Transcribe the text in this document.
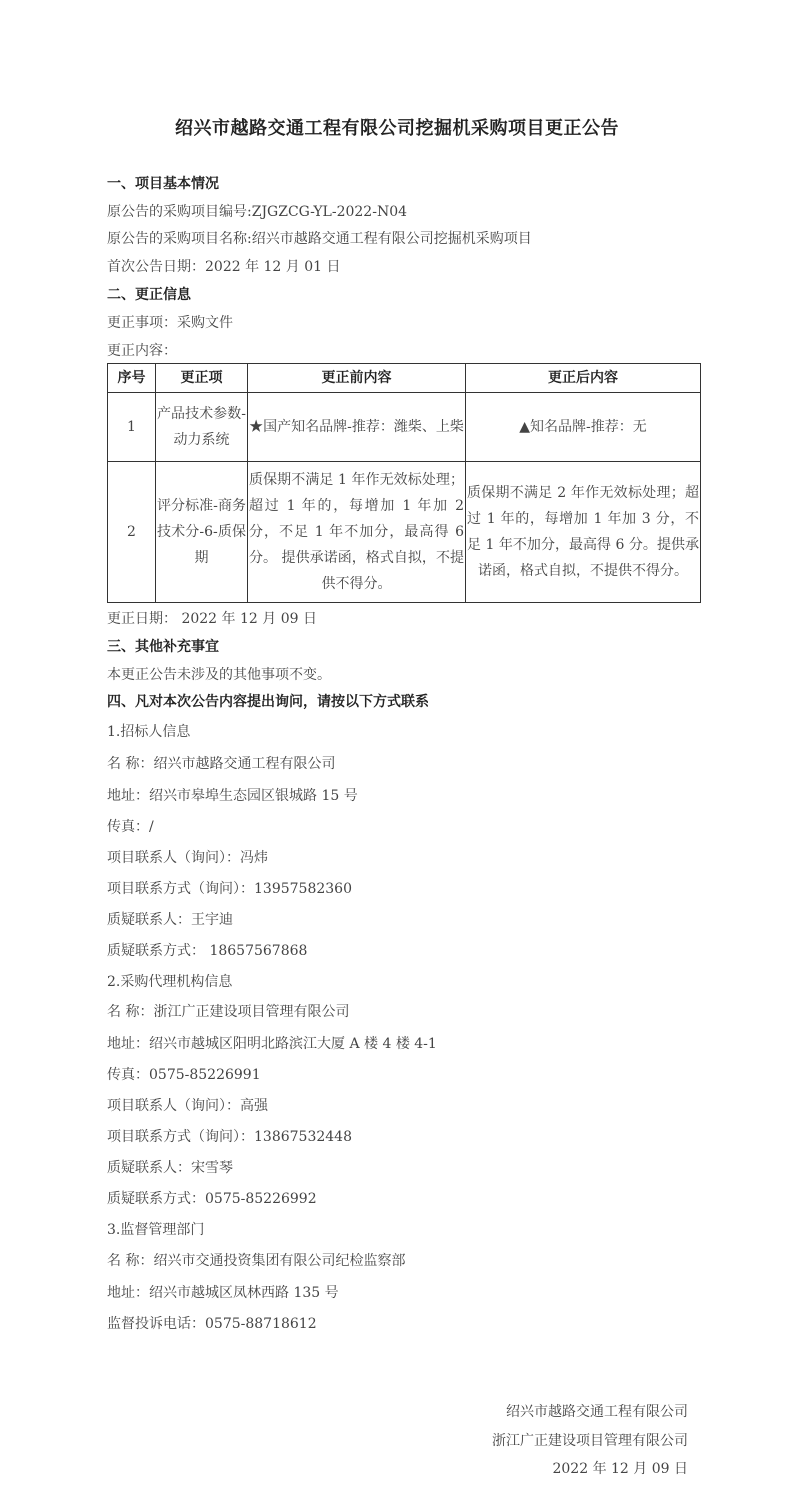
绍兴市越路交通工程有限公司挖掘机采购项目更正公告
一、项目基本情况
原公告的采购项目编号:ZJGZCG-YL-2022-N04
原公告的采购项目名称:绍兴市越路交通工程有限公司挖掘机采购项目
首次公告日期：2022 年 12 月 01 日
二、更正信息
更正事项：采购文件
更正内容：
序号	更正项	更正前内容	更正后内容
1	产品技术参数-动力系统	★国产知名品牌-推荐：潍柴、上柴	▲知名品牌-推荐：无
2	评分标准-商务技术分-6-质保期	质保期不满足 1 年作无效标处理；超过 1 年的，每增加 1 年加 2 分，不足 1 年不加分，最高得 6 分。 提供承诺函，格式自拟，不提供不得分。	质保期不满足 2 年作无效标处理；超过 1 年的，每增加 1 年加 3 分，不足 1 年不加分，最高得 6 分。提供承诺函，格式自拟，不提供不得分。
更正日期： 2022 年 12 月 09 日
三、其他补充事宜
本更正公告未涉及的其他事项不变。
四、凡对本次公告内容提出询问，请按以下方式联系
1.招标人信息
名 称：绍兴市越路交通工程有限公司
地址：绍兴市皋埠生态园区银城路 15 号
传真：/
项目联系人（询问）：冯炜
项目联系方式（询问）：13957582360
质疑联系人：王宇迪
质疑联系方式： 18657567868
2.采购代理机构信息
名 称：浙江广正建设项目管理有限公司
地址：绍兴市越城区阳明北路滨江大厦 A 楼 4 楼 4-1
传真：0575-85226991
项目联系人（询问）：高强
项目联系方式（询问）：13867532448
质疑联系人：宋雪琴
质疑联系方式：0575-85226992
3.监督管理部门
名 称：绍兴市交通投资集团有限公司纪检监察部
地址：绍兴市越城区凤林西路 135 号
监督投诉电话：0575-88718612
绍兴市越路交通工程有限公司
浙江广正建设项目管理有限公司
2022 年 12 月 09 日
